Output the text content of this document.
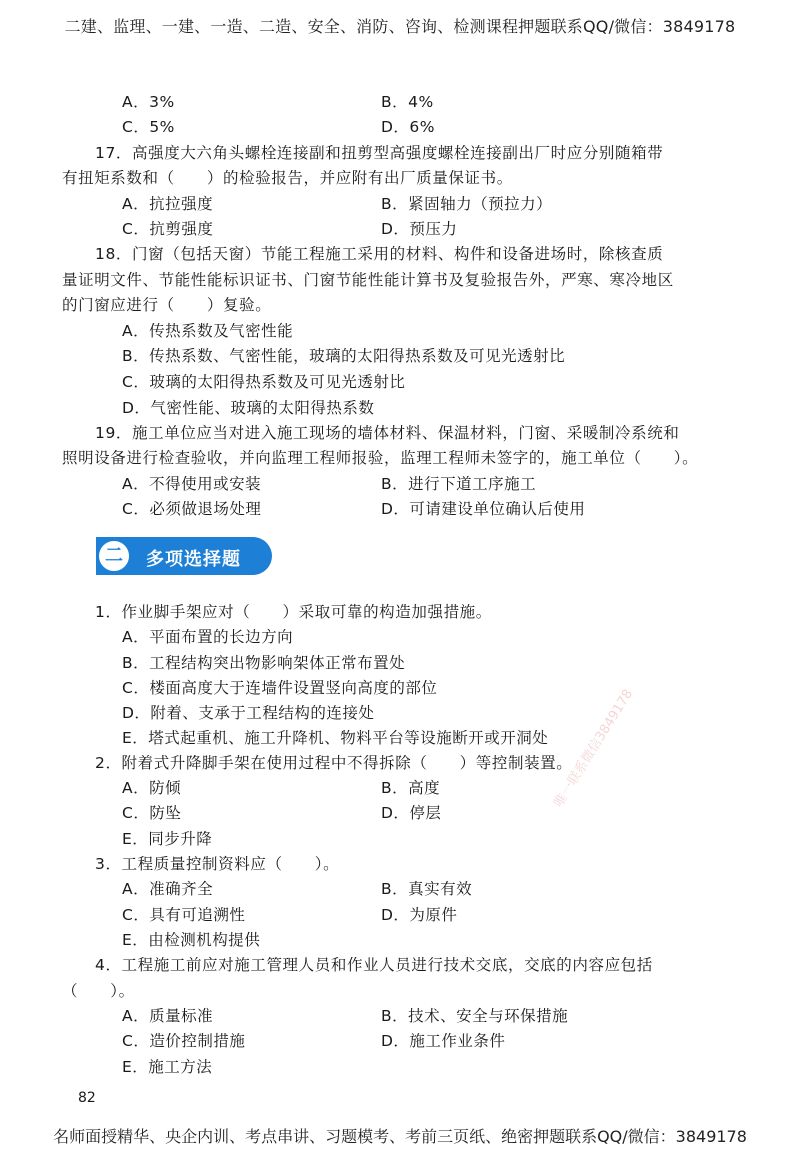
二建、监理、一建、一造、二造、安全、消防、咨询、检测课程押题联系QQ/微信：3849178
A．3%	B．4%
C．5%	D．6%
17．高强度大六角头螺栓连接副和扭剪型高强度螺栓连接副出厂时应分别随箱带
有扭矩系数和（　　）的检验报告，并应附有出厂质量保证书。
A．抗拉强度	B．紧固轴力（预拉力）
C．抗剪强度	D．预压力
18．门窗（包括天窗）节能工程施工采用的材料、构件和设备进场时，除核查质
量证明文件、节能性能标识证书、门窗节能性能计算书及复验报告外，严寒、寒冷地区
的门窗应进行（　　）复验。
A．传热系数及气密性能
B．传热系数、气密性能，玻璃的太阳得热系数及可见光透射比
C．玻璃的太阳得热系数及可见光透射比
D．气密性能、玻璃的太阳得热系数
19．施工单位应当对进入施工现场的墙体材料、保温材料，门窗、采暖制冷系统和
照明设备进行检查验收，并向监理工程师报验，监理工程师未签字的，施工单位（　　）。
A．不得使用或安装	B．进行下道工序施工
C．必须做退场处理	D．可请建设单位确认后使用
二	多项选择题
1．作业脚手架应对（　　）采取可靠的构造加强措施。
A．平面布置的长边方向
B．工程结构突出物影响架体正常布置处
C．楼面高度大于连墙件设置竖向高度的部位
D．附着、支承于工程结构的连接处
E．塔式起重机、施工升降机、物料平台等设施断开或开洞处
2．附着式升降脚手架在使用过程中不得拆除（　　）等控制装置。
A．防倾	B．高度
C．防坠	D．停层
E．同步升降
3．工程质量控制资料应（　　）。
A．准确齐全	B．真实有效
C．具有可追溯性	D．为原件
E．由检测机构提供
4．工程施工前应对施工管理人员和作业人员进行技术交底，交底的内容应包括
（　　）。
A．质量标准	B．技术、安全与环保措施
C．造价控制措施	D．施工作业条件
E．施工方法
唯一联系微信3849178
82
名师面授精华、央企内训、考点串讲、习题模考、考前三页纸、绝密押题联系QQ/微信：3849178
